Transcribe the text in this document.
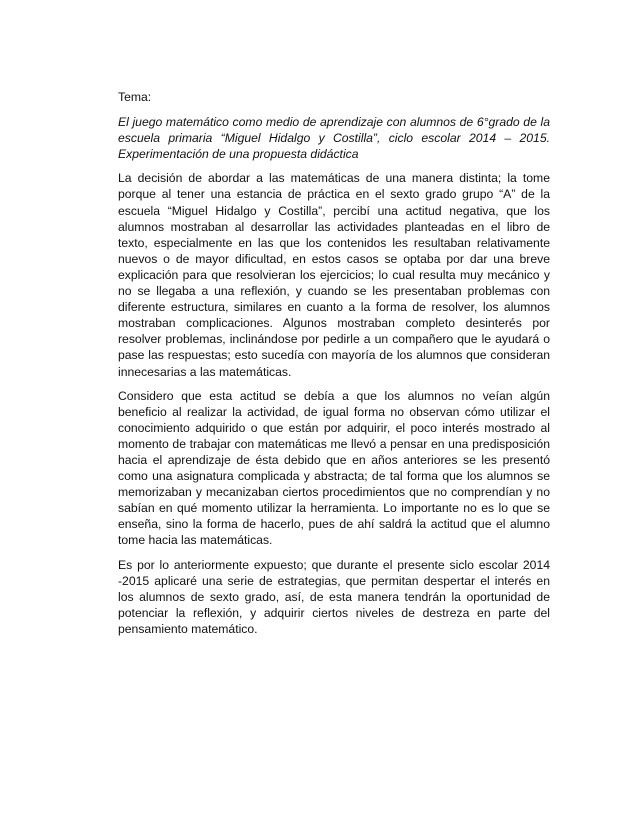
Tema:

El juego matemático como medio de aprendizaje con alumnos de 6°grado de la escuela primaria “Miguel Hidalgo y Costilla”, ciclo escolar 2014 – 2015. Experimentación de una propuesta didáctica

La decisión de abordar a las matemáticas de una manera distinta; la tome porque al tener una estancia de práctica en el sexto grado grupo “A” de la escuela “Miguel Hidalgo y Costilla”, percibí una actitud negativa, que los alumnos mostraban al desarrollar las actividades planteadas en el libro de texto, especialmente en las que los contenidos les resultaban relativamente nuevos o de mayor dificultad, en estos casos se optaba por dar una breve explicación para que resolvieran los ejercicios; lo cual resulta muy mecánico y no se llegaba a una reflexión, y cuando se les presentaban problemas con diferente estructura, similares en cuanto a la forma de resolver, los alumnos mostraban complicaciones. Algunos mostraban completo desinterés por resolver problemas, inclinándose por pedirle a un compañero que le ayudará o pase las respuestas; esto sucedía con mayoría de los alumnos que consideran innecesarias a las matemáticas.

Considero que esta actitud se debía a que los alumnos no veían algún beneficio al realizar la actividad, de igual forma no observan cómo utilizar el conocimiento adquirido o que están por adquirir, el poco interés mostrado al momento de trabajar con matemáticas me llevó a pensar en una predisposición hacia el aprendizaje de ésta debido que en años anteriores se les presentó como una asignatura complicada y abstracta; de tal forma que los alumnos se memorizaban y mecanizaban ciertos procedimientos que no comprendían y no sabían en qué momento utilizar la herramienta. Lo importante no es lo que se enseña, sino la forma de hacerlo, pues de ahí saldrá la actitud que el alumno tome hacia las matemáticas.

Es por lo anteriormente expuesto; que durante el presente siclo escolar 2014 -2015 aplicaré una serie de estrategias, que permitan despertar el interés en los alumnos de sexto grado, así, de esta manera tendrán la oportunidad de potenciar la reflexión, y adquirir ciertos niveles de destreza en parte del pensamiento matemático.
